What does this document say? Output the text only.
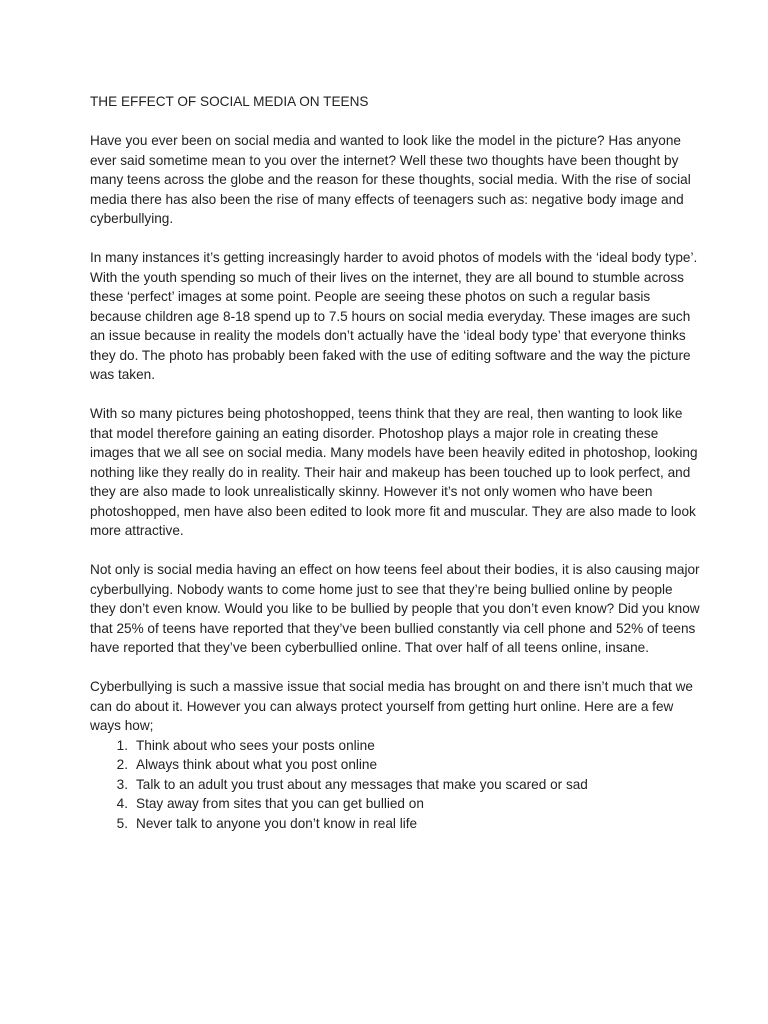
THE EFFECT OF SOCIAL MEDIA ON TEENS

Have you ever been on social media and wanted to look like the model in the picture? Has anyone ever said sometime mean to you over the internet? Well these two thoughts have been thought by many teens across the globe and the reason for these thoughts, social media. With the rise of social media there has also been the rise of many effects of teenagers such as: negative body image and cyberbullying.

In many instances it’s getting increasingly harder to avoid photos of models with the ‘ideal body type’. With the youth spending so much of their lives on the internet, they are all bound to stumble across these ‘perfect’ images at some point. People are seeing these photos on such a regular basis because children age 8-18 spend up to 7.5 hours on social media everyday. These images are such an issue because in reality the models don’t actually have the ‘ideal body type’ that everyone thinks they do. The photo has probably been faked with the use of editing software and the way the picture was taken.

With so many pictures being photoshopped, teens think that they are real, then wanting to look like that model therefore gaining an eating disorder. Photoshop plays a major role in creating these images that we all see on social media. Many models have been heavily edited in photoshop, looking nothing like they really do in reality. Their hair and makeup has been touched up to look perfect, and they are also made to look unrealistically skinny. However it’s not only women who have been photoshopped, men have also been edited to look more fit and muscular. They are also made to look more attractive.

Not only is social media having an effect on how teens feel about their bodies, it is also causing major cyberbullying. Nobody wants to come home just to see that they’re being bullied online by people they don’t even know. Would you like to be bullied by people that you don’t even know? Did you know that 25% of teens have reported that they’ve been bullied constantly via cell phone and 52% of teens have reported that they’ve been cyberbullied online. That over half of all teens online, insane.

Cyberbullying is such a massive issue that social media has brought on and there isn’t much that we can do about it. However you can always protect yourself from getting hurt online. Here are a few ways how;

1. Think about who sees your posts online
2. Always think about what you post online
3. Talk to an adult you trust about any messages that make you scared or sad
4. Stay away from sites that you can get bullied on
5. Never talk to anyone you don’t know in real life
